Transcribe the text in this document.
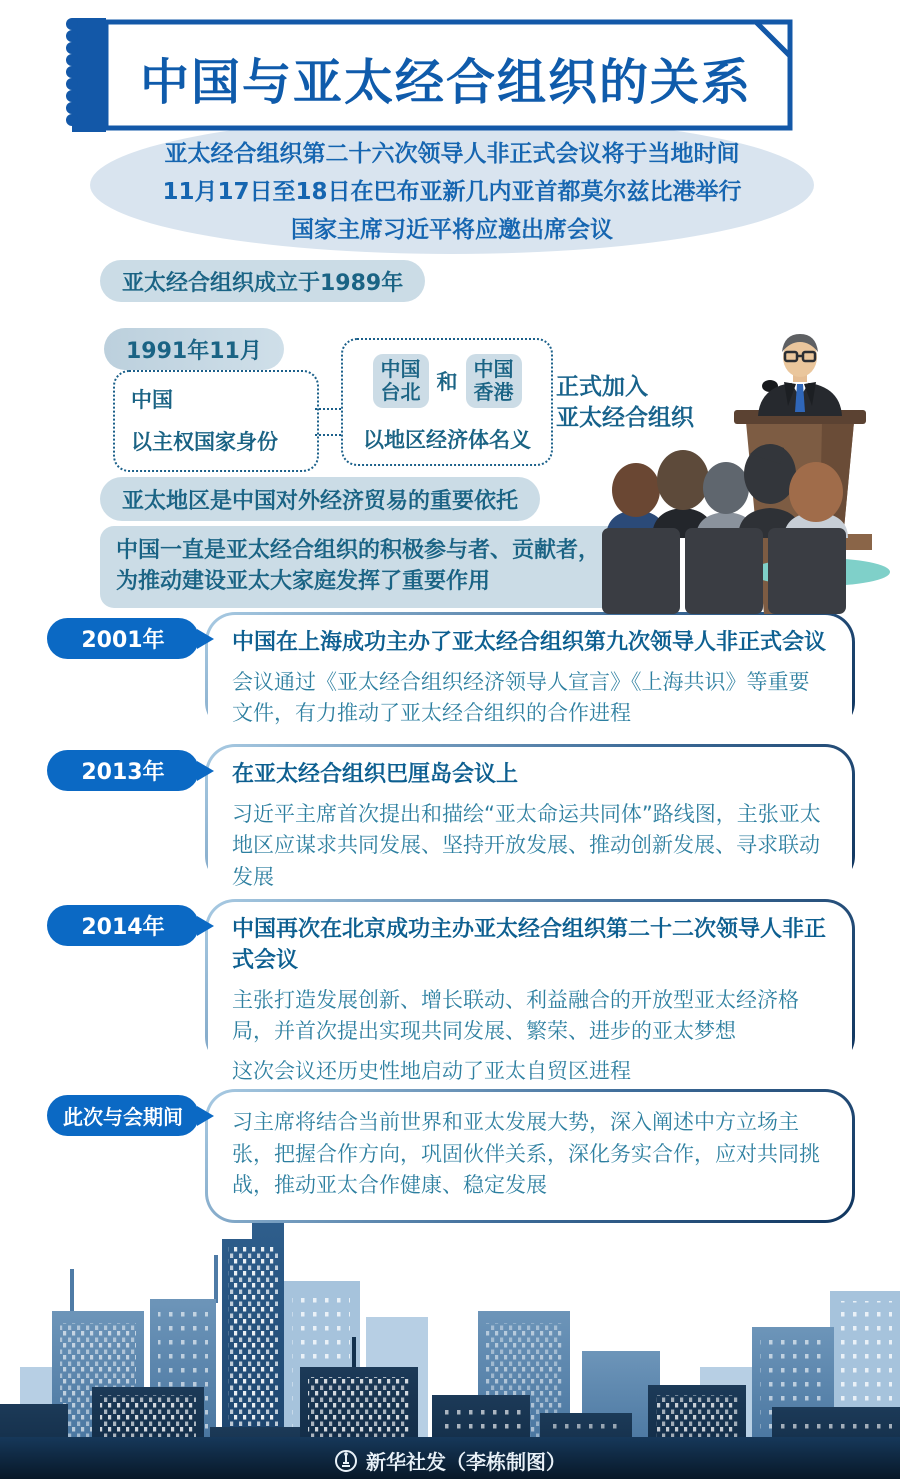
中国与亚太经合组织的关系
亚太经合组织第二十六次领导人非正式会议将于当地时间
11月17日至18日在巴布亚新几内亚首都莫尔兹比港举行
国家主席习近平将应邀出席会议
亚太经合组织成立于1989年
1991年11月
中国
以主权国家身份
中国
台北 和
中国
香港
以地区经济体名义
正式加入
亚太经合组织
亚太地区是中国对外经济贸易的重要依托
中国一直是亚太经合组织的积极参与者、贡献者，
为推动建设亚太大家庭发挥了重要作用
2001年	中国在上海成功主办了亚太经合组织第九次领导人非正式会议

会议通过《亚太经合组织经济领导人宣言》《上海共识》等重要文件，有力推动了亚太经合组织的合作进程

2013年	在亚太经合组织巴厘岛会议上

习近平主席首次提出和描绘“亚太命运共同体”路线图，主张亚太地区应谋求共同发展、坚持开放发展、推动创新发展、寻求联动发展

2014年	中国再次在北京成功主办亚太经合组织第二十二次领导人非正式会议

主张打造发展创新、增长联动、利益融合的开放型亚太经济格局，并首次提出实现共同发展、繁荣、进步的亚太梦想

这次会议还历史性地启动了亚太自贸区进程

此次与会期间 习主席将结合当前世界和亚太发展大势，深入阐述中方立场主张，把握合作方向，巩固伙伴关系，深化务实合作，应对共同挑战，推动亚太合作健康、稳定发展

新华社发（李栋制图）
